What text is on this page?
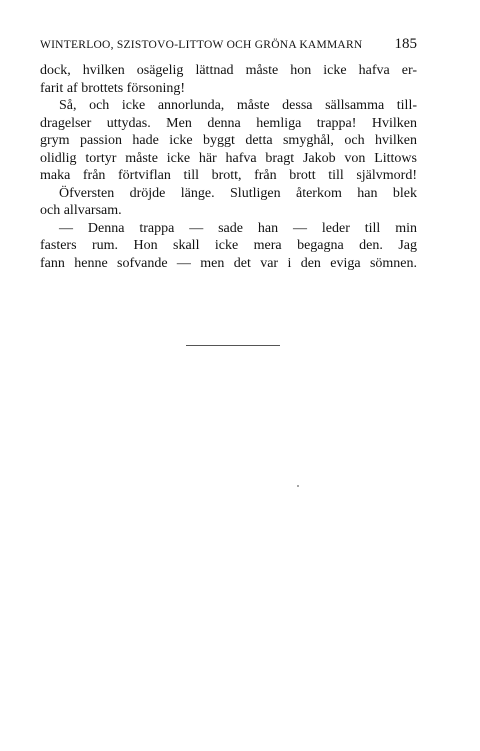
WINTERLOO, SZISTOVO-LITTOW OCH GRÖNA KAMMARN 185
dock, hvilken osägelig lättnad måste hon icke hafva er-
farit af brottets försoning!
Så, och icke annorlunda, måste dessa sällsamma till-
dragelser uttydas. Men denna hemliga trappa! Hvilken
grym passion hade icke byggt detta smyghål, och hvilken
olidlig tortyr måste icke här hafva bragt Jakob von Littows
maka från förtviflan till brott, från brott till självmord!
Öfversten dröjde länge. Slutligen återkom han blek
och allvarsam.
— Denna trappa — sade han — leder till min
fasters rum. Hon skall icke mera begagna den. Jag
fann henne sofvande — men det var i den eviga sömnen.
